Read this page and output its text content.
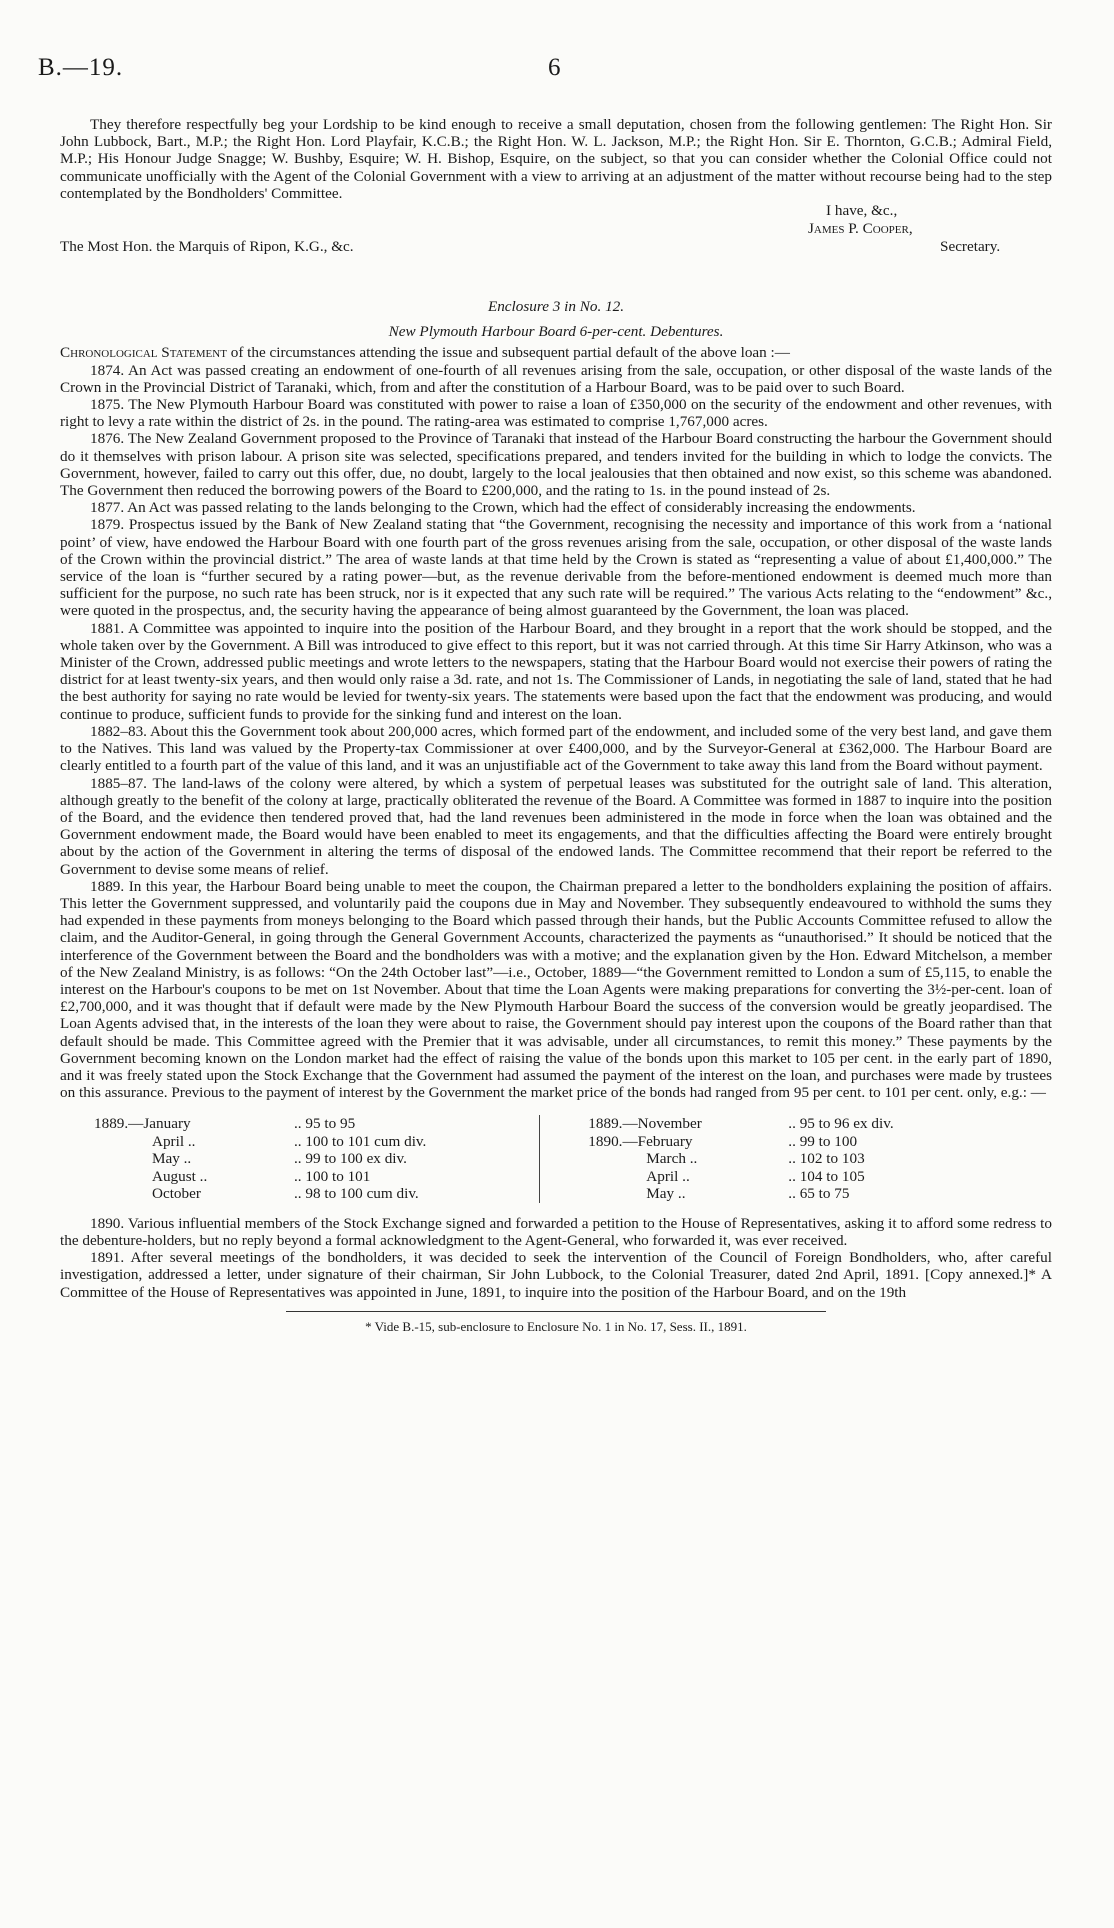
B.—19.	6

They therefore respectfully beg your Lordship to be kind enough to receive a small deputation, chosen from the following gentlemen: The Right Hon. Sir John Lubbock, Bart., M.P.; the Right Hon. Lord Playfair, K.C.B.; the Right Hon. W. L. Jackson, M.P.; the Right Hon. Sir E. Thornton, G.C.B.; Admiral Field, M.P.; His Honour Judge Snagge; W. Bushby, Esquire; W. H. Bishop, Esquire, on the subject, so that you can consider whether the Colonial Office could not communicate unofficially with the Agent of the Colonial Government with a view to arriving at an adjustment of the matter without recourse being had to the step contemplated by the Bondholders' Committee.

I have, &c.,
James P. Cooper,
The Most Hon. the Marquis of Ripon, K.G., &c.	Secretary.
Enclosure 3 in No. 12.
New Plymouth Harbour Board 6-per-cent. Debentures.

Chronological Statement of the circumstances attending the issue and subsequent partial default of the above loan :—

1874. An Act was passed creating an endowment of one-fourth of all revenues arising from the sale, occupation, or other disposal of the waste lands of the Crown in the Provincial District of Taranaki, which, from and after the constitution of a Harbour Board, was to be paid over to such Board.

1875. The New Plymouth Harbour Board was constituted with power to raise a loan of £350,000 on the security of the endowment and other revenues, with right to levy a rate within the district of 2s. in the pound. The rating-area was estimated to comprise 1,767,000 acres.

1876. The New Zealand Government proposed to the Province of Taranaki that instead of the Harbour Board constructing the harbour the Government should do it themselves with prison labour. A prison site was selected, specifications prepared, and tenders invited for the building in which to lodge the convicts. The Government, however, failed to carry out this offer, due, no doubt, largely to the local jealousies that then obtained and now exist, so this scheme was abandoned. The Government then reduced the borrowing powers of the Board to £200,000, and the rating to 1s. in the pound instead of 2s.

1877. An Act was passed relating to the lands belonging to the Crown, which had the effect of considerably increasing the endowments.

1879. Prospectus issued by the Bank of New Zealand stating that “the Government, recognising the necessity and importance of this work from a ‘national point’ of view, have endowed the Harbour Board with one fourth part of the gross revenues arising from the sale, occupation, or other disposal of the waste lands of the Crown within the provincial district.” The area of waste lands at that time held by the Crown is stated as “representing a value of about £1,400,000.” The service of the loan is “further secured by a rating power—but, as the revenue derivable from the before-mentioned endowment is deemed much more than sufficient for the purpose, no such rate has been struck, nor is it expected that any such rate will be required.” The various Acts relating to the “endowment” &c., were quoted in the prospectus, and, the security having the appearance of being almost guaranteed by the Government, the loan was placed.

1881. A Committee was appointed to inquire into the position of the Harbour Board, and they brought in a report that the work should be stopped, and the whole taken over by the Government. A Bill was introduced to give effect to this report, but it was not carried through. At this time Sir Harry Atkinson, who was a Minister of the Crown, addressed public meetings and wrote letters to the newspapers, stating that the Harbour Board would not exercise their powers of rating the district for at least twenty-six years, and then would only raise a 3d. rate, and not 1s. The Commissioner of Lands, in negotiating the sale of land, stated that he had the best authority for saying no rate would be levied for twenty-six years. The statements were based upon the fact that the endowment was producing, and would continue to produce, sufficient funds to provide for the sinking fund and interest on the loan.

1882–83. About this the Government took about 200,000 acres, which formed part of the endowment, and included some of the very best land, and gave them to the Natives. This land was valued by the Property-tax Commissioner at over £400,000, and by the Surveyor-General at £362,000. The Harbour Board are clearly entitled to a fourth part of the value of this land, and it was an unjustifiable act of the Government to take away this land from the Board without payment.

1885–87. The land-laws of the colony were altered, by which a system of perpetual leases was substituted for the outright sale of land. This alteration, although greatly to the benefit of the colony at large, practically obliterated the revenue of the Board. A Committee was formed in 1887 to inquire into the position of the Board, and the evidence then tendered proved that, had the land revenues been administered in the mode in force when the loan was obtained and the Government endowment made, the Board would have been enabled to meet its engagements, and that the difficulties affecting the Board were entirely brought about by the action of the Government in altering the terms of disposal of the endowed lands. The Committee recommend that their report be referred to the Government to devise some means of relief.

1889. In this year, the Harbour Board being unable to meet the coupon, the Chairman prepared a letter to the bondholders explaining the position of affairs. This letter the Government suppressed, and voluntarily paid the coupons due in May and November. They subsequently endeavoured to withhold the sums they had expended in these payments from moneys belonging to the Board which passed through their hands, but the Public Accounts Committee refused to allow the claim, and the Auditor-General, in going through the General Government Accounts, characterized the payments as “unauthorised.” It should be noticed that the interference of the Government between the Board and the bondholders was with a motive; and the explanation given by the Hon. Edward Mitchelson, a member of the New Zealand Ministry, is as follows: “On the 24th October last”—i.e., October, 1889—“the Government remitted to London a sum of £5,115, to enable the interest on the Harbour's coupons to be met on 1st November. About that time the Loan Agents were making preparations for converting the 3½-per-cent. loan of £2,700,000, and it was thought that if default were made by the New Plymouth Harbour Board the success of the conversion would be greatly jeopardised. The Loan Agents advised that, in the interests of the loan they were about to raise, the Government should pay interest upon the coupons of the Board rather than that default should be made. This Committee agreed with the Premier that it was advisable, under all circumstances, to remit this money.” These payments by the Government becoming known on the London market had the effect of raising the value of the bonds upon this market to 105 per cent. in the early part of 1890, and it was freely stated upon the Stock Exchange that the Government had assumed the payment of the interest on the loan, and purchases were made by trustees on this assurance. Previous to the payment of interest by the Government the market price of the bonds had ranged from 95 per cent. to 101 per cent. only, e.g.: —

1889.—January	.. 95 to 95
April ..	.. 100 to 101 cum div.
May ..	.. 99 to 100 ex div.
August ..	.. 100 to 101
October	.. 98 to 100 cum div.
1889.—November	.. 95 to 96 ex div.
1890.—February	.. 99 to 100
March ..	.. 102 to 103
April ..	.. 104 to 105
May ..	.. 65 to 75

1890. Various influential members of the Stock Exchange signed and forwarded a petition to the House of Representatives, asking it to afford some redress to the debenture-holders, but no reply beyond a formal acknowledgment to the Agent-General, who forwarded it, was ever received.

1891. After several meetings of the bondholders, it was decided to seek the intervention of the Council of Foreign Bondholders, who, after careful investigation, addressed a letter, under signature of their chairman, Sir John Lubbock, to the Colonial Treasurer, dated 2nd April, 1891. [Copy annexed.]* A Committee of the House of Representatives was appointed in June, 1891, to inquire into the position of the Harbour Board, and on the 19th

* Vide B.-15, sub-enclosure to Enclosure No. 1 in No. 17, Sess. II., 1891.
